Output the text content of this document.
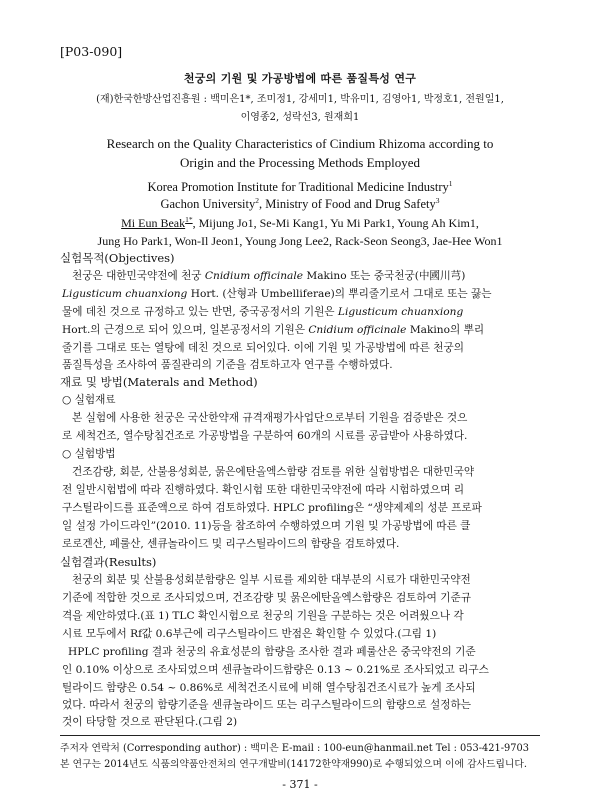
[P03-090]
천궁의 기원 및 가공방법에 따른 품질특성 연구
(재)한국한방산업진흥원 : 백미은1*, 조미정1, 강세미1, 박유미1, 김영아1, 박정호1, 전원일1,
이영종2, 성락선3, 원재희1
Research on the Quality Characteristics of Cindium Rhizoma according to
Origin and the Processing Methods Employed
Korea Promotion Institute for Traditional Medicine Industry$^1$
Gachon University$^2$, Ministry of Food and Drug Safety$^3$
Mi Eun Beak$^{1*}$, Mijung Jo1, Se-Mi Kang1, Yu Mi Park1, Young Ah Kim1,
Jung Ho Park1, Won-Il Jeon1, Young Jong Lee2, Rack-Seon Seong3, Jae-Hee Won1
실험목적(Objectives)
천궁은 대한민국약전에 천궁 Cnidium officinale Makino 또는 중국천궁(中國川芎)
Ligusticum chuanxiong Hort. (산형과 Umbelliferae)의 뿌리줄기로서 그대로 또는 끓는
물에 데친 것으로 규정하고 있는 반면, 중국공정서의 기원은 Ligusticum chuanxiong
Hort.의 근경으로 되어 있으며, 일본공정서의 기원은 Cnidium officinale Makino의 뿌리
줄기를 그대로 또는 열탕에 데친 것으로 되어있다. 이에 기원 및 가공방법에 따른 천궁의
품질특성을 조사하여 품질관리의 기준을 검토하고자 연구를 수행하였다.
재료 및 방법(Materals and Method)
○ 실험재료
본 실험에 사용한 천궁은 국산한약재 규격재평가사업단으로부터 기원을 검증받은 것으
로 세척건조, 열수탕침건조로 가공방법을 구분하여 60개의 시료를 공급받아 사용하였다.
○ 실험방법
건조감량, 회분, 산불용성회분, 묽은에탄올엑스함량 검토를 위한 실험방법은 대한민국약
전 일반시험법에 따라 진행하였다. 확인시험 또한 대한민국약전에 따라 시험하였으며 리
구스틸라이드를 표준액으로 하여 검토하였다. HPLC profiling은 “생약제제의 성분 프로파
일 설정 가이드라인”(2010. 11)등을 참조하여 수행하였으며 기원 및 가공방법에 따른 클
로로겐산, 페룰산, 센큐놀라이드 및 리구스틸라이드의 함량을 검토하였다.
실험결과(Results)
천궁의 회분 및 산불용성회분함량은 일부 시료를 제외한 대부분의 시료가 대한민국약전
기준에 적합한 것으로 조사되었으며, 건조감량 및 묽은에탄올엑스함량은 검토하여 기준규
격을 제안하였다.(표 1) TLC 확인시험으로 천궁의 기원을 구분하는 것은 어려웠으나 각
시료 모두에서 Rf값 0.6부근에 리구스틸라이드 반점은 확인할 수 있었다.(그림 1)
HPLC profiling 결과 천궁의 유효성분의 함량을 조사한 결과 페룰산은 중국약전의 기준
인 0.10% 이상으로 조사되었으며 센큐놀라이드함량은 0.13 ~ 0.21%로 조사되었고 리구스
틸라이드 함량은 0.54 ~ 0.86%로 세척건조시료에 비해 열수탕침건조시료가 높게 조사되
었다. 따라서 천궁의 함량기준을 센큐놀라이드 또는 리구스틸라이드의 함량으로 설정하는
것이 타당할 것으로 판단된다.(그림 2)
주저자 연락처 (Corresponding author) : 백미은 E-mail : 100-eun@hanmail.net Tel : 053-421-9703
본 연구는 2014년도 식품의약품안전처의 연구개발비(14172한약재990)로 수행되었으며 이에 감사드립니다.
- 371 -
